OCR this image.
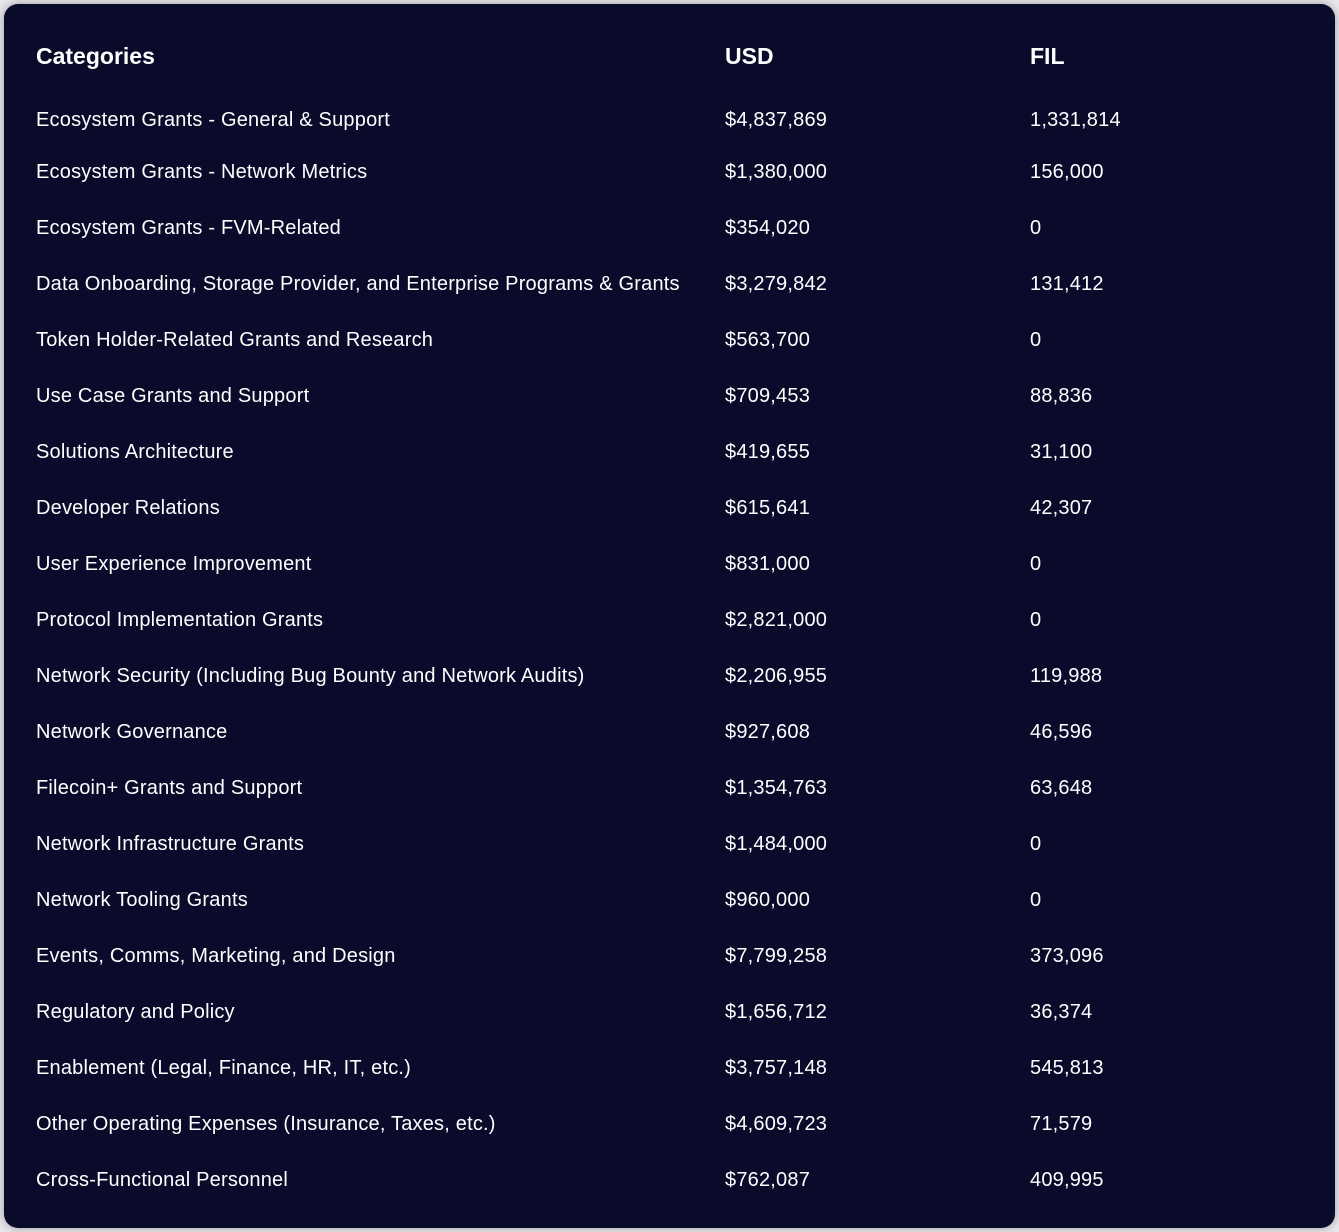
Categories	USD	FIL
Ecosystem Grants - General & Support	$4,837,869	1,331,814
Ecosystem Grants - Network Metrics	$1,380,000	156,000
Ecosystem Grants - FVM-Related	$354,020	0
Data Onboarding, Storage Provider, and Enterprise Programs & Grants $3,279,842	131,412
Token Holder-Related Grants and Research	$563,700	0
Use Case Grants and Support	$709,453	88,836
Solutions Architecture	$419,655	31,100
Developer Relations	$615,641	42,307
User Experience Improvement	$831,000	0
Protocol Implementation Grants	$2,821,000	0
Network Security (Including Bug Bounty and Network Audits)	$2,206,955	119,988
Network Governance	$927,608	46,596
Filecoin+ Grants and Support	$1,354,763	63,648
Network Infrastructure Grants	$1,484,000	0
Network Tooling Grants	$960,000	0
Events, Comms, Marketing, and Design	$7,799,258	373,096
Regulatory and Policy	$1,656,712	36,374
Enablement (Legal, Finance, HR, IT, etc.)	$3,757,148	545,813
Other Operating Expenses (Insurance, Taxes, etc.)	$4,609,723	71,579
Cross-Functional Personnel	$762,087	409,995
